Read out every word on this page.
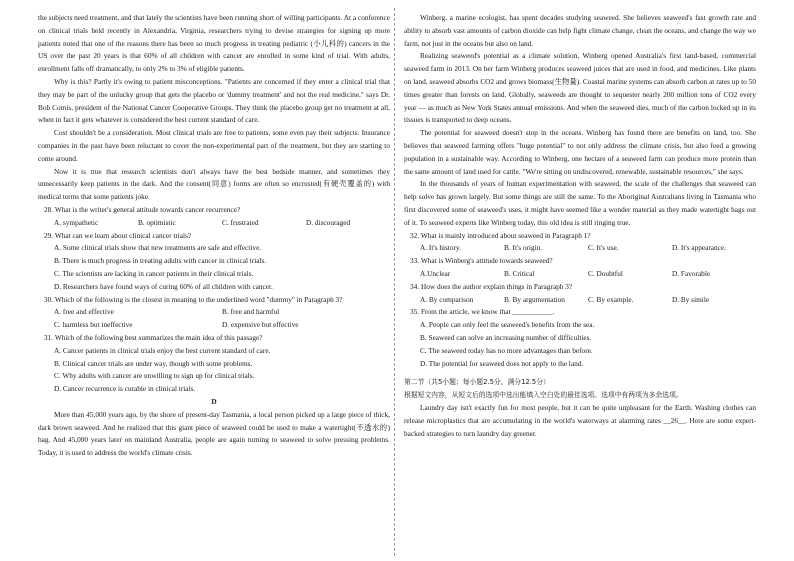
the subjects need treatment, and that lately the scientists have been running short of willing participants. At a conference on clinical trials held recently in Alexandria, Virginia, researchers trying to devise strategies for signing up more patients noted that one of the reasons there has been so much progress in treating pediatric (小儿科的) cancers in the US over the past 20 years is that 60% of all children with cancer are enrolled in some kind of trial. With adults, enrollment falls off dramatically, to only 2% to 3% of eligible patients.

Why is this? Partly it's owing to patient misconceptions. "Patients are concerned if they enter a clinical trial that they may be part of the unlucky group that gets the placebo or 'dummy treatment' and not the real medicine," says Dr. Bob Comis, president of the National Cancer Cooperative Groups. They think the placebo group get no treatment at all, when in fact it gets whatever is considered the best current standard of care.

Cost shouldn't be a consideration. Most clinical trials are free to patients, some even pay their subjects. Insurance companies in the past have been reluctant to cover the non-experimental part of the treatment, but they are starting to come around.

Now it is true that research scientists don't always have the best bedside manner, and sometimes they unnecessarily keep patients in the dark. And the consent(同意) forms are often so encrusted(有硬壳覆盖的) with medical terms that some patients joke.

28. What is the writer's general attitude towards cancer recurrence?

A. sympathetic	B. optimistic	C. frustrated	D. discouraged

29. What can we learn about clinical cancer trials?

A. Some clinical trials show that new treatments are safe and effective.

B. There is much progress in treating adults with cancer in clinical trials.

C. The scientists are lacking in cancer patients in their clinical trials.

D. Researchers have found ways of curing 60% of all children with cancer.

30. Which of the following is the closest in meaning to the underlined word "dummy" in Paragraph 3?

A. free and effective	B. free and harmful
C. harmless but ineffective	D. expensive but effective

31. Which of the following best summarizes the main idea of this passage?

A. Cancer patients in clinical trials enjoy the best current standard of care.

B. Clinical cancer trials are under way, though with some problems.

C. Why adults with cancer are unwilling to sign up for clinical trials.

D. Cancer recurrence is curable in clinical trials.

D

More than 45,000 years ago, by the shore of present-day Tasmania, a local person picked up a large piece of thick, dark brown seaweed. And he realized that this giant piece of seaweed could be used to make a watertight(不透水的) bag. And 45,000 years later on mainland Australia, people are again turning to seaweed to solve pressing problems. Today, it is used to address the world's climate crisis.

Winberg, a marine ecologist, has spent decades studying seaweed. She believes seaweed's fast growth rate and ability to absorb vast amounts of carbon dioxide can help fight climate change, clean the oceans, and change the way we farm, not just in the oceans but also on land.

Realizing seaweed's potential as a climate solution, Winberg opened Australia's first land-based, commercial seaweed farm in 2013. On her farm Winberg produces seaweed juices that are used in food, and medicines. Like plants on land, seaweed absorbs CO2 and grows biomass(生物量). Coastal marine systems can absorb carbon at rates up to 50 times greater than forests on land. Globally, seaweeds are thought to sequester nearly 200 million tons of CO2 every year — as much as New York States annual emissions. And when the seaweed dies, much of the carbon locked up in its tissues is transported to deep oceans.

The potential for seaweed doesn't stop in the oceans. Winberg has found there are benefits on land, too. She believes that seaweed farming offers "huge potential" to not only address the climate crisis, but also feed a growing population in a sustainable way. According to Winberg, one hectare of a seaweed farm can produce more protein than the same amount of land used for cattle. "We're sitting on undiscovered, renewable, sustainable resources," she says.

In the thousands of years of human experimentation with seaweed, the scale of the challenges that seaweed can help solve has grown largely. But some things are still the same. To the Aboriginal Australians living in Tasmania who first discovered some of seaweed's uses, it might have seemed like a wonder material as they made watertight bags out of it. To seaweed experts like Winberg today, this old idea is still ringing true.

32. What is mainly introduced about seaweed in Paragraph 1?

A. It's history.	B. It's origin.	C. It's use.	D. It's appearance.

33. What is Winberg's attitude towards seaweed?

A.Unclear	B. Critical	C. Doubtful	D. Favorable

34. How does the author explain things in Paragraph 3?

A. By comparison	B. By argumentation	C. By example.	D. By simile

35. From the article, we know that ___________.

A. People can only feel the seaweed's benefits from the sea.

B. Seaweed can solve an increasing number of difficulties.

C. The seaweed today has no more advantages than before.

D. The potential for seaweed does not apply to the land.

第二节（共5小题；每小题2.5分，满分12.5分）

根据短文内容，从短文后的选项中选出能填入空白处的最佳选项。选项中有两项为多余选项。

Laundry day isn't exactly fun for most people, but it can be quite unpleasant for the Earth. Washing clothes can release microplastics that are accumulating in the world's waterways at alarming rates __26__. Here are some expert-backed strategies to turn laundry day greener.
